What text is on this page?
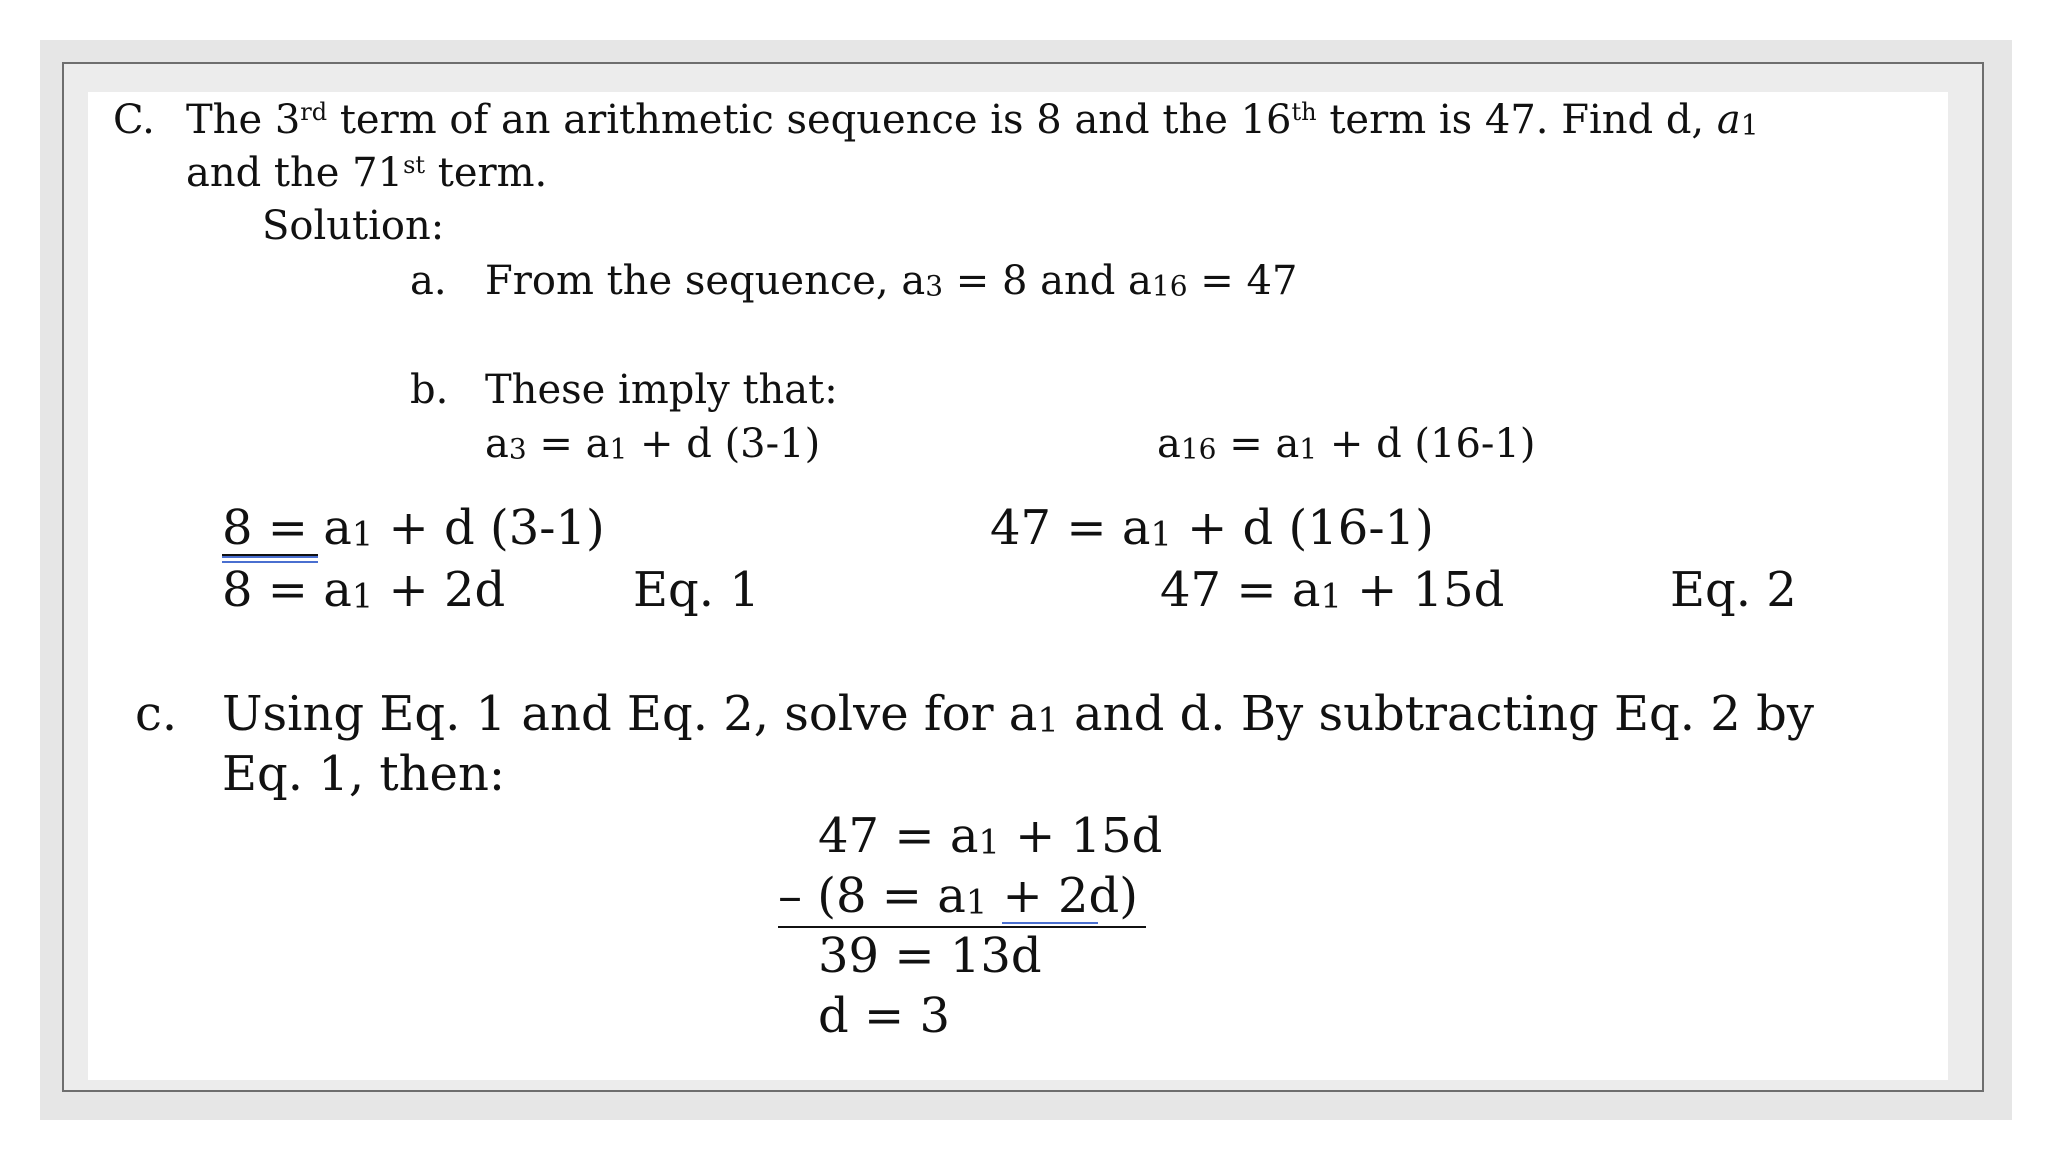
C. The 3rd term of an arithmetic sequence is 8 and the 16th term is 47. Find d, $a_1$
and the 71st term.
Solution:
a. From the sequence, $a_3 = 8$ and $a_{16} = 47$
b. These imply that:
$a_3 = a_1 + d$ (3-1)	$a_{16} = a_1 + d$ (16-1)
$8 = a_1 + d$ (3-1)
$8 = a_1 + 2d$	Eq. 1
$47 = a_1 + d$ (16-1)
$47 = a_1 + 15d$	Eq. 2
c. Using Eq. 1 and Eq. 2, solve for $a_1$ and d. By subtracting Eq. 2 by
Eq. 1, then:
$47 = a_1 + 15d$
– $(8 = a_1 + 2d)$
39 = 13d
d = 3
